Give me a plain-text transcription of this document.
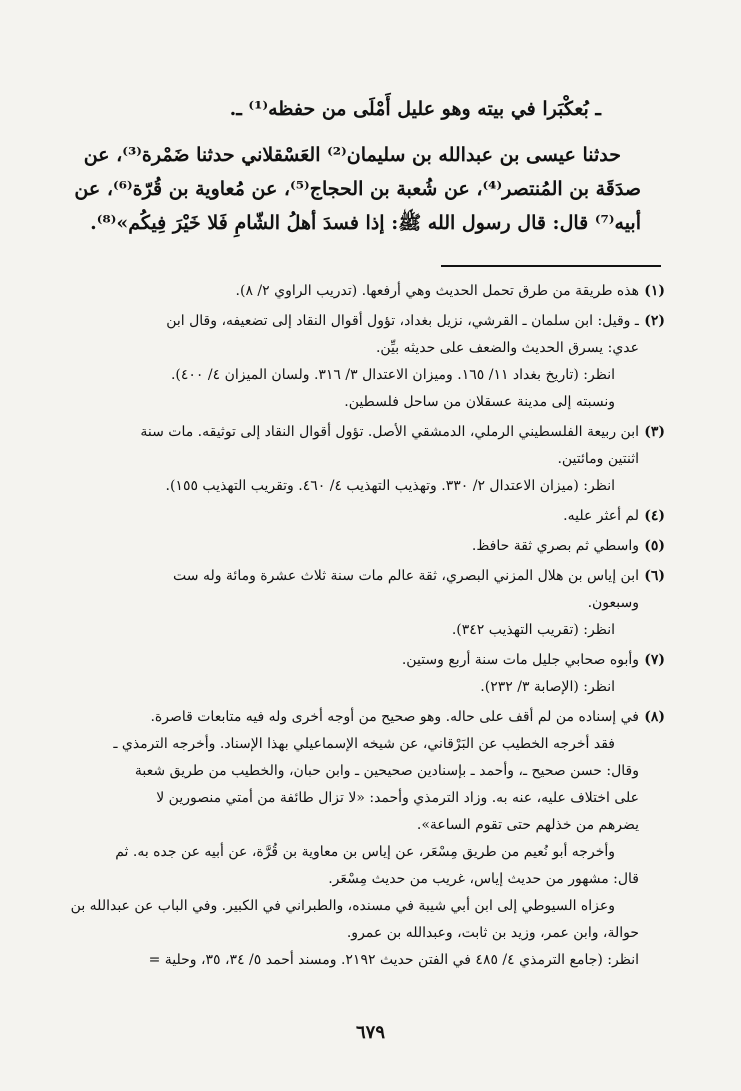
ـ بُعكْبَرا في بيته وهو عليل أَمْلَى من حفظه⁽¹⁾ ـ.

حدثنا عيسى بن عبدالله بن سليمان⁽²⁾ العَسْقلاني حدثنا ضَمْرة⁽³⁾، عن

صدَقَة بن المُنتصر⁽⁴⁾، عن شُعبة بن الحجاج⁽⁵⁾، عن مُعاوية بن قُرّة⁽⁶⁾، عن

أبيه⁽⁷⁾ قال: قال رسول الله ﷺ: إذا فسدَ أهلُ الشّامِ فَلا خَيْرَ فِيكُم»⁽⁸⁾.

(١)
هذه طريقة من طرق تحمل الحديث وهي أرفعها. (تدريب الراوي ٢/ ٨).
(٢)
ـ وقيل: ابن سلمان ـ القرشي، نزيل بغداد، تؤول أقوال النقاد إلى تضعيفه، وقال ابن
عدي: يسرق الحديث والضعف على حديثه بيِّن.
انظر: (تاريخ بغداد ١١/ ١٦٥. وميزان الاعتدال ٣/ ٣١٦. ولسان الميزان ٤/ ٤٠٠).
ونسبته إلى مدينة عسقلان من ساحل فلسطين.
(٣)
ابن ربيعة الفلسطيني الرملي، الدمشقي الأصل. تؤول أقوال النقاد إلى توثيقه. مات سنة
اثنتين ومائتين.
انظر: (ميزان الاعتدال ٢/ ٣٣٠. وتهذيب التهذيب ٤/ ٤٦٠. وتقريب التهذيب ١٥٥).
(٤)
لم أعثر عليه.
(٥)
واسطي ثم بصري ثقة حافظ.
(٦)
ابن إياس بن هلال المزني البصري، ثقة عالم مات سنة ثلاث عشرة ومائة وله ست
وسبعون.
انظر: (تقريب التهذيب ٣٤٢).
(٧)
وأبوه صحابي جليل مات سنة أربع وستين.
انظر: (الإصابة ٣/ ٢٣٢).
(٨)
في إسناده من لم أقف على حاله. وهو صحيح من أوجه أخرى وله فيه متابعات قاصرة.
فقد أخرجه الخطيب عن البَرْقاني، عن شيخه الإسماعيلي بهذا الإسناد. وأخرجه الترمذي ـ
وقال: حسن صحيح ـ، وأحمد ـ بإسنادين صحيحين ـ وابن حبان، والخطيب من طريق شعبة
على اختلاف عليه، عنه به. وزاد الترمذي وأحمد: «لا تزال طائفة من أمتي منصورين لا
يضرهم من خذلهم حتى تقوم الساعة».
وأخرجه أبو نُعيم من طريق مِسْعَر، عن إياس بن معاوية بن قُرَّة، عن أبيه عن جده به. ثم
قال: مشهور من حديث إياس، غريب من حديث مِسْعَر.
وعزاه السيوطي إلى ابن أبي شيبة في مسنده، والطبراني في الكبير. وفي الباب عن عبدالله بن
حوالة، وابن عمر، وزيد بن ثابت، وعبدالله بن عمرو.
انظر: (جامع الترمذي ٤/ ٤٨٥ في الفتن حديث ٢١٩٢. ومسند أحمد ٥/ ٣٤، ٣٥، وحلية =
٦٧٩
